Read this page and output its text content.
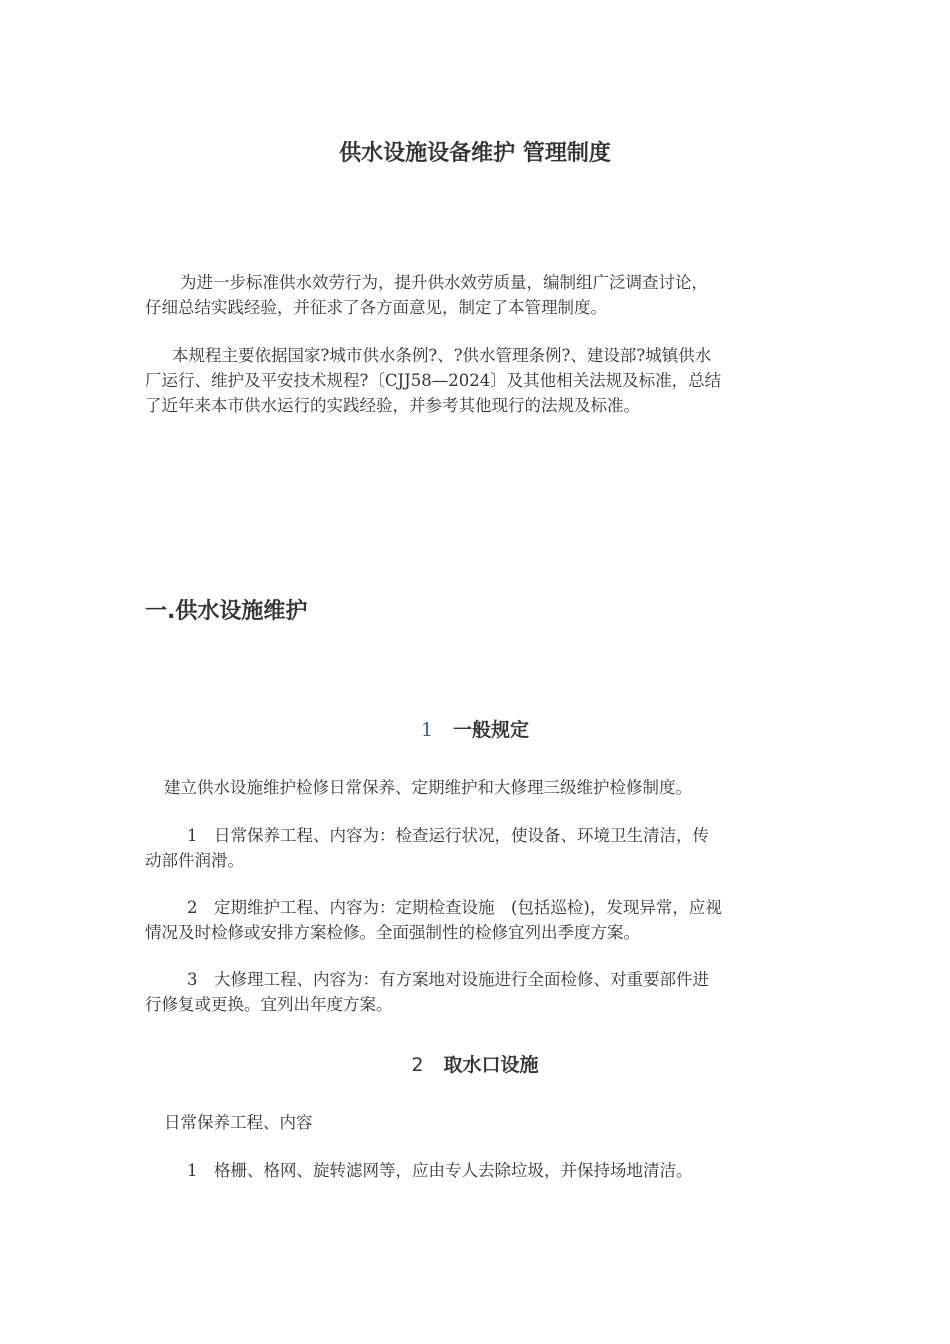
供水设施设备维护 管理制度
为进一步标准供水效劳行为，提升供水效劳质量，编制组广泛调查讨论，
仔细总结实践经验，并征求了各方面意见，制定了本管理制度。
本规程主要依据国家?城市供水条例?、?供水管理条例?、建设部?城镇供水
厂运行、维护及平安技术规程?〔CJJ58—2024〕及其他相关法规及标准，总结
了近年来本市供水运行的实践经验，并参考其他现行的法规及标准。
一.供水设施维护
1 一般规定
建立供水设施维护检修日常保养、定期维护和大修理三级维护检修制度。
1　日常保养工程、内容为：检查运行状况，使设备、环境卫生清洁，传
动部件润滑。
2　定期维护工程、内容为：定期检查设施　(包括巡检)，发现异常，应视
情况及时检修或安排方案检修。全面强制性的检修宜列出季度方案。
3　大修理工程、内容为：有方案地对设施进行全面检修、对重要部件进
行修复或更换。宜列出年度方案。
2 取水口设施
日常保养工程、内容
1　格栅、格网、旋转滤网等，应由专人去除垃圾，并保持场地清洁。
